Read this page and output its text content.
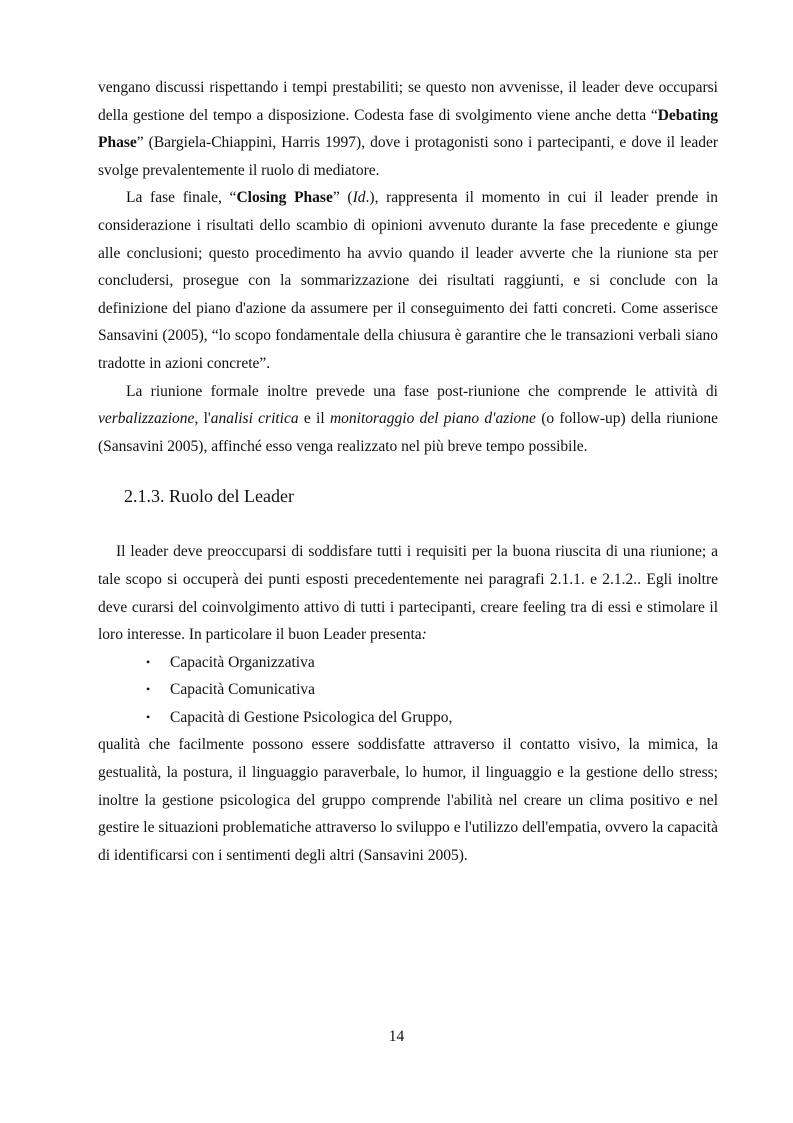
vengano discussi rispettando i tempi prestabiliti; se questo non avvenisse, il leader deve occuparsi della gestione del tempo a disposizione. Codesta fase di svolgimento viene anche detta “Debating Phase” (Bargiela-Chiappini, Harris 1997), dove i protagonisti sono i partecipanti, e dove il leader svolge prevalentemente il ruolo di mediatore.

La fase finale, “Closing Phase” (Id.), rappresenta il momento in cui il leader prende in considerazione i risultati dello scambio di opinioni avvenuto durante la fase precedente e giunge alle conclusioni; questo procedimento ha avvio quando il leader avverte che la riunione sta per concludersi, prosegue con la sommarizzazione dei risultati raggiunti, e si conclude con la definizione del piano d'azione da assumere per il conseguimento dei fatti concreti. Come asserisce Sansavini (2005), “lo scopo fondamentale della chiusura è garantire che le transazioni verbali siano tradotte in azioni concrete”.

La riunione formale inoltre prevede una fase post-riunione che comprende le attività di verbalizzazione, l'analisi critica e il monitoraggio del piano d'azione (o follow-up) della riunione (Sansavini 2005), affinché esso venga realizzato nel più breve tempo possibile.

2.1.3. Ruolo del Leader

Il leader deve preoccuparsi di soddisfare tutti i requisiti per la buona riuscita di una riunione; a tale scopo si occuperà dei punti esposti precedentemente nei paragrafi 2.1.1. e 2.1.2.. Egli inoltre deve curarsi del coinvolgimento attivo di tutti i partecipanti, creare feeling tra di essi e stimolare il loro interesse. In particolare il buon Leader presenta:

• Capacità Organizzativa
• Capacità Comunicativa
• Capacità di Gestione Psicologica del Gruppo,

qualità che facilmente possono essere soddisfatte attraverso il contatto visivo, la mimica, la gestualità, la postura, il linguaggio paraverbale, lo humor, il linguaggio e la gestione dello stress; inoltre la gestione psicologica del gruppo comprende l'abilità nel creare un clima positivo e nel gestire le situazioni problematiche attraverso lo sviluppo e l'utilizzo dell'empatia, ovvero la capacità di identificarsi con i sentimenti degli altri (Sansavini 2005).

14
